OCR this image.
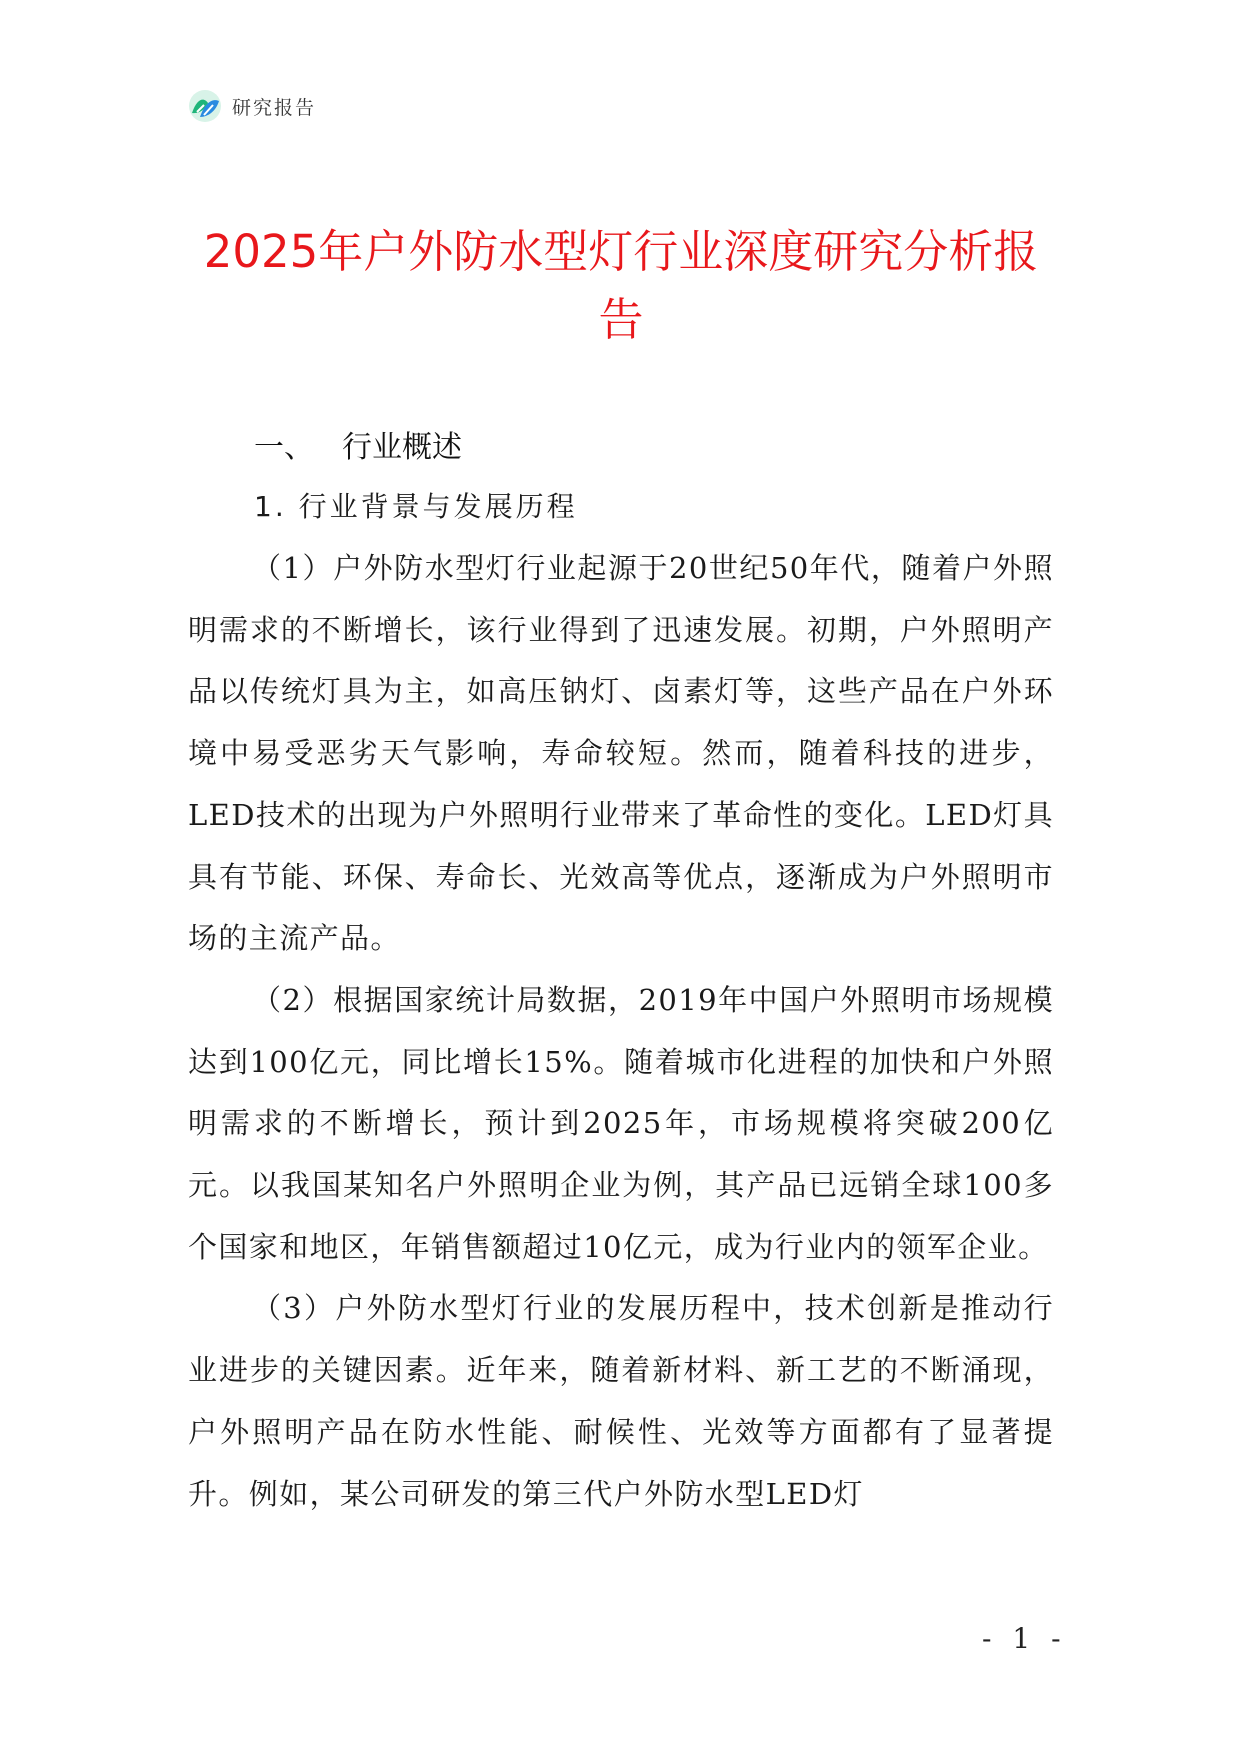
研究报告
2025年户外防水型灯行业深度研究分析报告
一、 行业概述
1. 行业背景与发展历程

（1）户外防水型灯行业起源于20世纪50年代，随着户外照明需求的不断增长，该行业得到了迅速发展。初期，户外照明产品以传统灯具为主，如高压钠灯、卤素灯等，这些产品在户外环境中易受恶劣天气影响，寿命较短。然而，随着科技的进步，LED技术的出现为户外照明行业带来了革命性的变化。LED灯具具有节能、环保、寿命长、光效高等优点，逐渐成为户外照明市场的主流产品。

（2）根据国家统计局数据，2019年中国户外照明市场规模达到100亿元，同比增长15%。随着城市化进程的加快和户外照明需求的不断增长，预计到2025年，市场规模将突破200亿元。以我国某知名户外照明企业为例，其产品已远销全球100多个国家和地区，年销售额超过10亿元，成为行业内的领军企业。

（3）户外防水型灯行业的发展历程中，技术创新是推动行业进步的关键因素。近年来，随着新材料、新工艺的不断涌现，户外照明产品在防水性能、耐候性、光效等方面都有了显著提升。例如，某公司研发的第三代户外防水型LED灯

- 1 -
